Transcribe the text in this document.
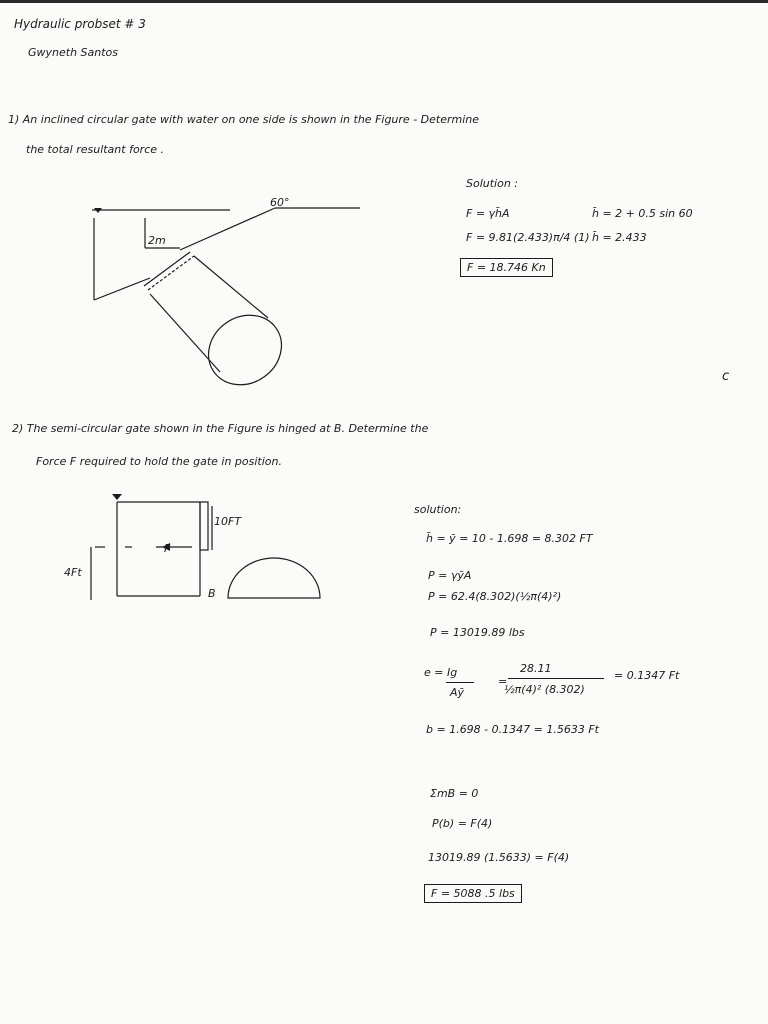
Hydraulic probset # 3
Gwyneth Santos
1) An inclined circular gate with water on one side is shown in the Figure - Determine
the total resultant force .
2m
60°
Solution :
F = γh̄A
F = 9.81(2.433)π/4 (1)
h̄ = 2 + 0.5 sin 60
h̄ = 2.433
F = 18.746 Kn
c
2) The semi-circular gate shown in the Figure is hinged at B. Determine the
Force F required to hold the gate in position.
10FT
4Ft
F
B
solution:
h̄ = ȳ = 10 - 1.698 = 8.302 FT
P = γȳA
P = 62.4(8.302)(½π(4)²)
P = 13019.89 lbs
e = Ig
Aȳ
=
28.11
½π(4)² (8.302)
= 0.1347 Ft
b = 1.698 - 0.1347 = 1.5633 Ft
ΣmB = 0
P(b) = F(4)
13019.89 (1.5633) = F(4)
F = 5088 .5 lbs
